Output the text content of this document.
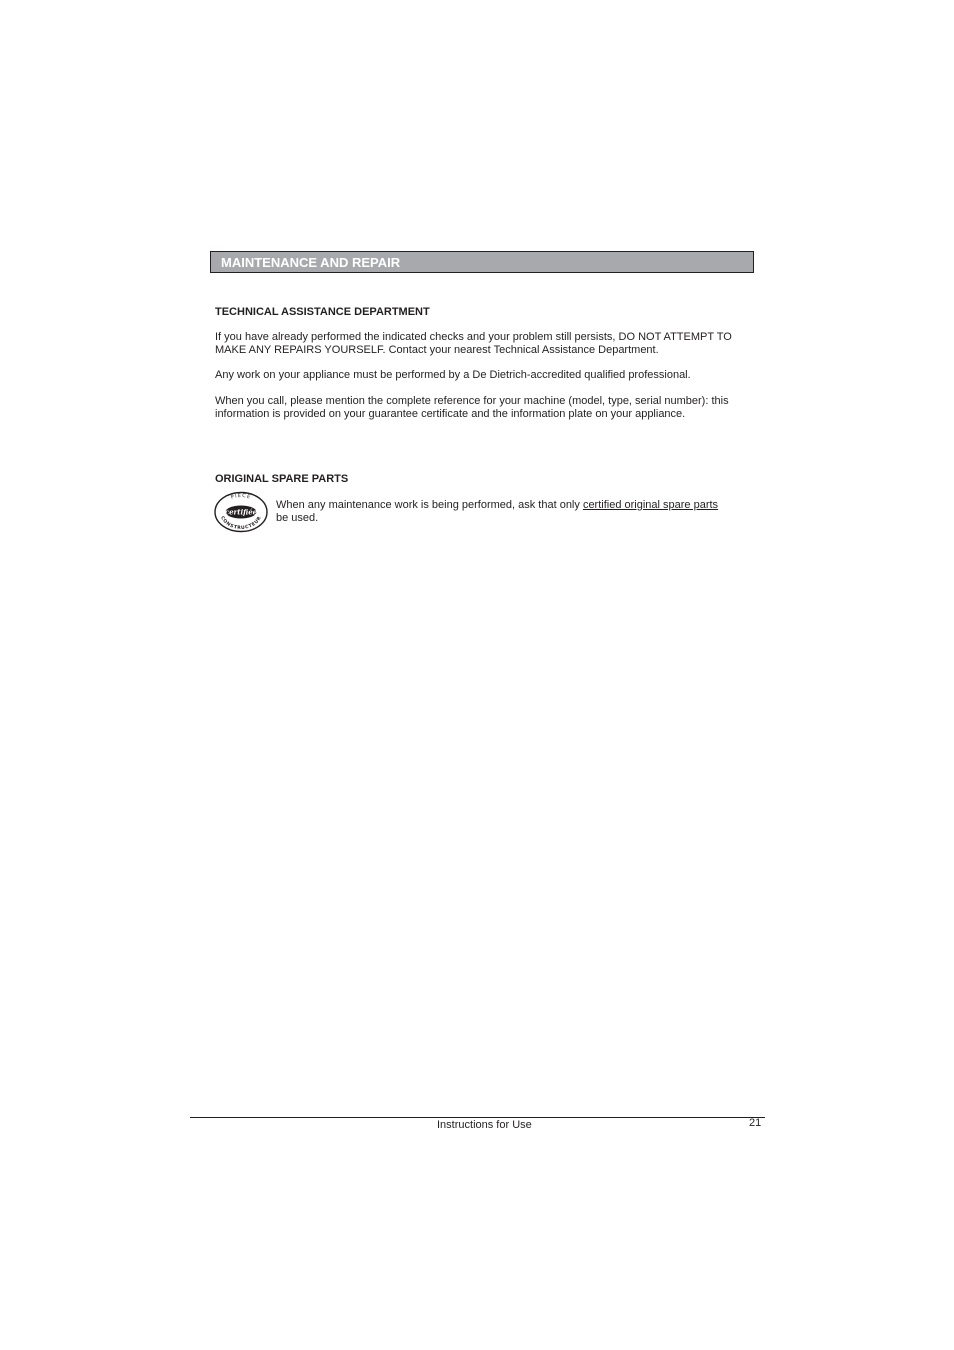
MAINTENANCE AND REPAIR
TECHNICAL ASSISTANCE DEPARTMENT
If you have already performed the indicated checks and your problem still persists, DO NOT ATTEMPT TO
MAKE ANY REPAIRS YOURSELF. Contact your nearest Technical Assistance Department.
Any work on your appliance must be performed by a De Dietrich-accredited qualified professional.
When you call, please mention the complete reference for your machine (model, type, serial number): this
information is provided on your guarantee certificate and the information plate on your appliance.
ORIGINAL SPARE PARTS
PIECE
certifiée
CONSTRUCTEUR
When any maintenance work is being performed, ask that only certified original spare parts
be used.
Instructions for Use	21
